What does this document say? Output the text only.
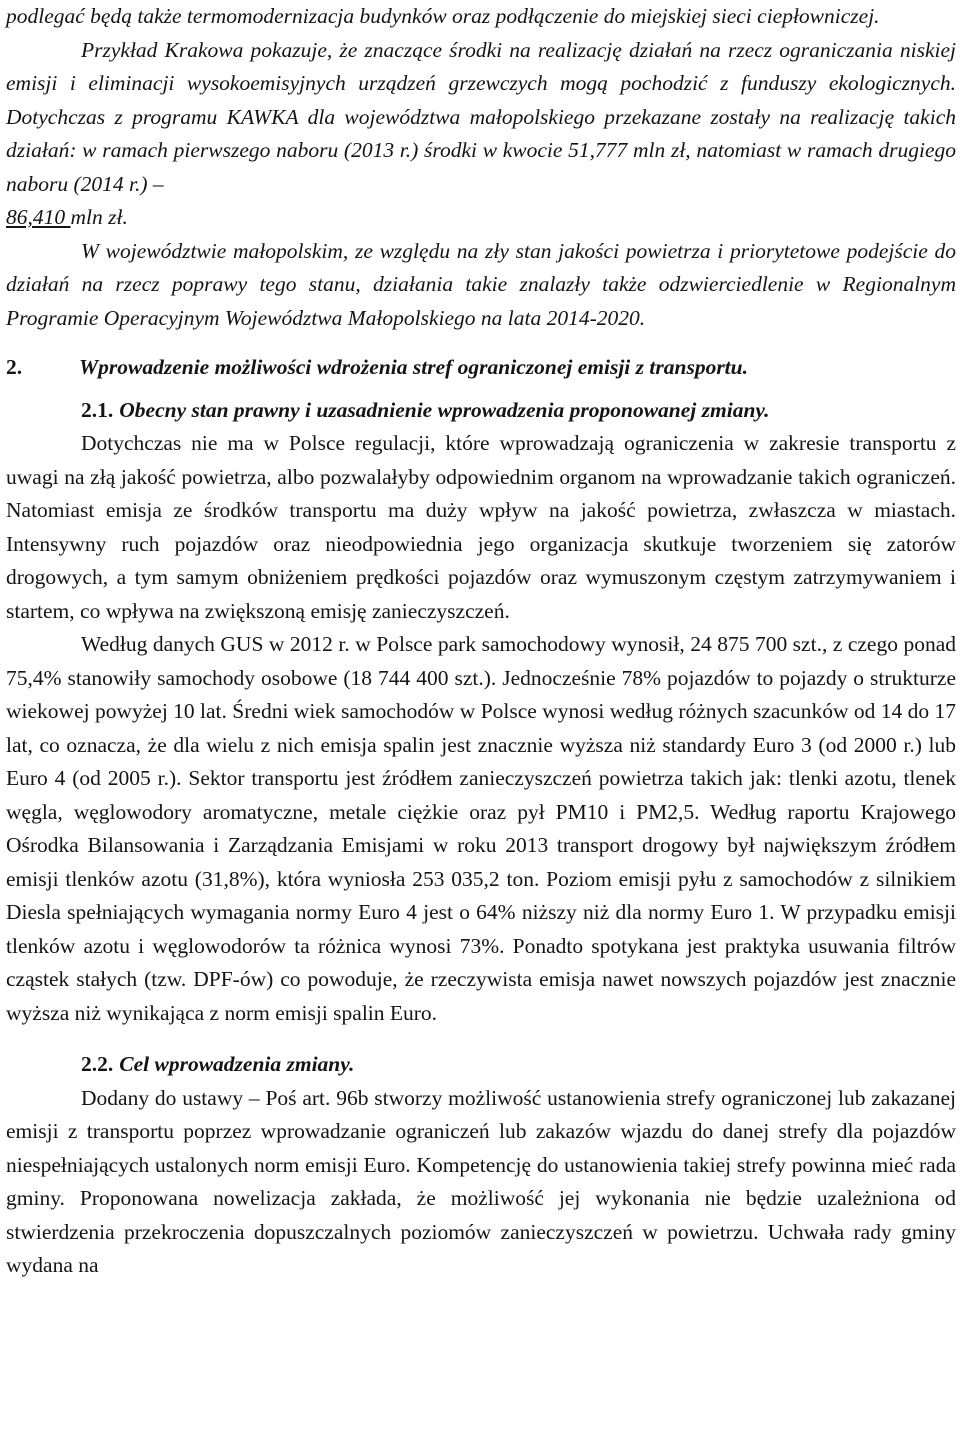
podlegać będą także termomodernizacja budynków oraz podłączenie do miejskiej sieci ciepłowniczej.

Przykład Krakowa pokazuje, że znaczące środki na realizację działań na rzecz ograniczania niskiej emisji i eliminacji wysokoemisyjnych urządzeń grzewczych mogą pochodzić z funduszy ekologicznych. Dotychczas z programu KAWKA dla województwa małopolskiego przekazane zostały na realizację takich działań: w ramach pierwszego naboru (2013 r.) środki w kwocie 51,777 mln zł, natomiast w ramach drugiego naboru (2014 r.) –
86,410 mln zł.

W województwie małopolskim, ze względu na zły stan jakości powietrza i priorytetowe podejście do działań na rzecz poprawy tego stanu, działania takie znalazły także odzwierciedlenie w Regionalnym Programie Operacyjnym Województwa Małopolskiego na lata 2014-2020.

2.	Wprowadzenie możliwości wdrożenia stref ograniczonej emisji z transportu.

2.1. Obecny stan prawny i uzasadnienie wprowadzenia proponowanej zmiany.

Dotychczas nie ma w Polsce regulacji, które wprowadzają ograniczenia w zakresie transportu z uwagi na złą jakość powietrza, albo pozwalałyby odpowiednim organom na wprowadzanie takich ograniczeń. Natomiast emisja ze środków transportu ma duży wpływ na jakość powietrza, zwłaszcza w miastach. Intensywny ruch pojazdów oraz nieodpowiednia jego organizacja skutkuje tworzeniem się zatorów drogowych, a tym samym obniżeniem prędkości pojazdów oraz wymuszonym częstym zatrzymywaniem i startem, co wpływa na zwiększoną emisję zanieczyszczeń.

Według danych GUS w 2012 r. w Polsce park samochodowy wynosił, 24 875 700 szt., z czego ponad 75,4% stanowiły samochody osobowe (18 744 400 szt.). Jednocześnie 78% pojazdów to pojazdy o strukturze wiekowej powyżej 10 lat. Średni wiek samochodów w Polsce wynosi według różnych szacunków od 14 do 17 lat, co oznacza, że dla wielu z nich emisja spalin jest znacznie wyższa niż standardy Euro 3 (od 2000 r.) lub Euro 4 (od 2005 r.). Sektor transportu jest źródłem zanieczyszczeń powietrza takich jak: tlenki azotu, tlenek węgla, węglowodory aromatyczne, metale ciężkie oraz pył PM10 i PM2,5. Według raportu Krajowego Ośrodka Bilansowania i Zarządzania Emisjami w roku 2013 transport drogowy był największym źródłem emisji tlenków azotu (31,8%), która wyniosła 253 035,2 ton. Poziom emisji pyłu z samochodów z silnikiem Diesla spełniających wymagania normy Euro 4 jest o 64% niższy niż dla normy Euro 1. W przypadku emisji tlenków azotu i węglowodorów ta różnica wynosi 73%. Ponadto spotykana jest praktyka usuwania filtrów cząstek stałych (tzw. DPF-ów) co powoduje, że rzeczywista emisja nawet nowszych pojazdów jest znacznie wyższa niż wynikająca z norm emisji spalin Euro.

2.2. Cel wprowadzenia zmiany.

Dodany do ustawy – Poś art. 96b stworzy możliwość ustanowienia strefy ograniczonej lub zakazanej emisji z transportu poprzez wprowadzanie ograniczeń lub zakazów wjazdu do danej strefy dla pojazdów niespełniających ustalonych norm emisji Euro. Kompetencję do ustanowienia takiej strefy powinna mieć rada gminy. Proponowana nowelizacja zakłada, że możliwość jej wykonania nie będzie uzależniona od stwierdzenia przekroczenia dopuszczalnych poziomów zanieczyszczeń w powietrzu. Uchwała rady gminy wydana na
